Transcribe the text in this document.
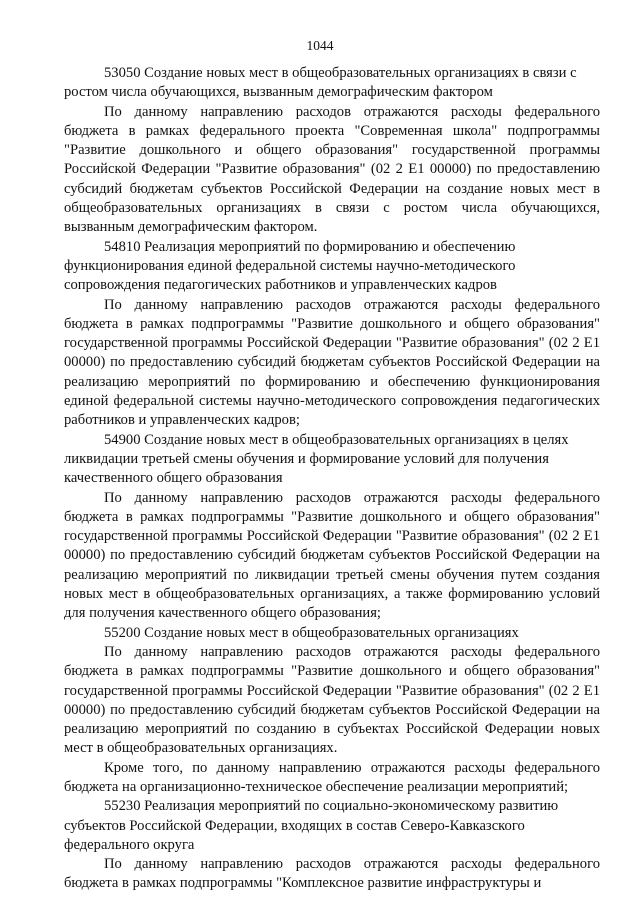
1044

53050 Создание новых мест в общеобразовательных организациях в связи с ростом числа обучающихся, вызванным демографическим фактором

По данному направлению расходов отражаются расходы федерального бюджета в рамках федерального проекта "Современная школа" подпрограммы "Развитие дошкольного и общего образования" государственной программы Российской Федерации "Развитие образования" (02 2 Е1 00000) по предоставлению субсидий бюджетам субъектов Российской Федерации на создание новых мест в общеобразовательных организациях в связи с ростом числа обучающихся, вызванным демографическим фактором.

54810 Реализация мероприятий по формированию и обеспечению функционирования единой федеральной системы научно-методического сопровождения педагогических работников и управленческих кадров

По данному направлению расходов отражаются расходы федерального бюджета в рамках подпрограммы "Развитие дошкольного и общего образования" государственной программы Российской Федерации "Развитие образования" (02 2 Е1 00000) по предоставлению субсидий бюджетам субъектов Российской Федерации на реализацию мероприятий по формированию и обеспечению функционирования единой федеральной системы научно-методического сопровождения педагогических работников и управленческих кадров;

54900 Создание новых мест в общеобразовательных организациях в целях ликвидации третьей смены обучения и формирование условий для получения качественного общего образования

По данному направлению расходов отражаются расходы федерального бюджета в рамках подпрограммы "Развитие дошкольного и общего образования" государственной программы Российской Федерации "Развитие образования" (02 2 Е1 00000) по предоставлению субсидий бюджетам субъектов Российской Федерации на реализацию мероприятий по ликвидации третьей смены обучения путем создания новых мест в общеобразовательных организациях, а также формированию условий для получения качественного общего образования;

55200 Создание новых мест в общеобразовательных организациях

По данному направлению расходов отражаются расходы федерального бюджета в рамках подпрограммы "Развитие дошкольного и общего образования" государственной программы Российской Федерации "Развитие образования" (02 2 Е1 00000) по предоставлению субсидий бюджетам субъектов Российской Федерации на реализацию мероприятий по созданию в субъектах Российской Федерации новых мест в общеобразовательных организациях.

Кроме того, по данному направлению отражаются расходы федерального бюджета на организационно-техническое обеспечение реализации мероприятий;

55230 Реализация мероприятий по социально-экономическому развитию субъектов Российской Федерации, входящих в состав Северо-Кавказского федерального округа

По данному направлению расходов отражаются расходы федерального бюджета в рамках подпрограммы "Комплексное развитие инфраструктуры и
